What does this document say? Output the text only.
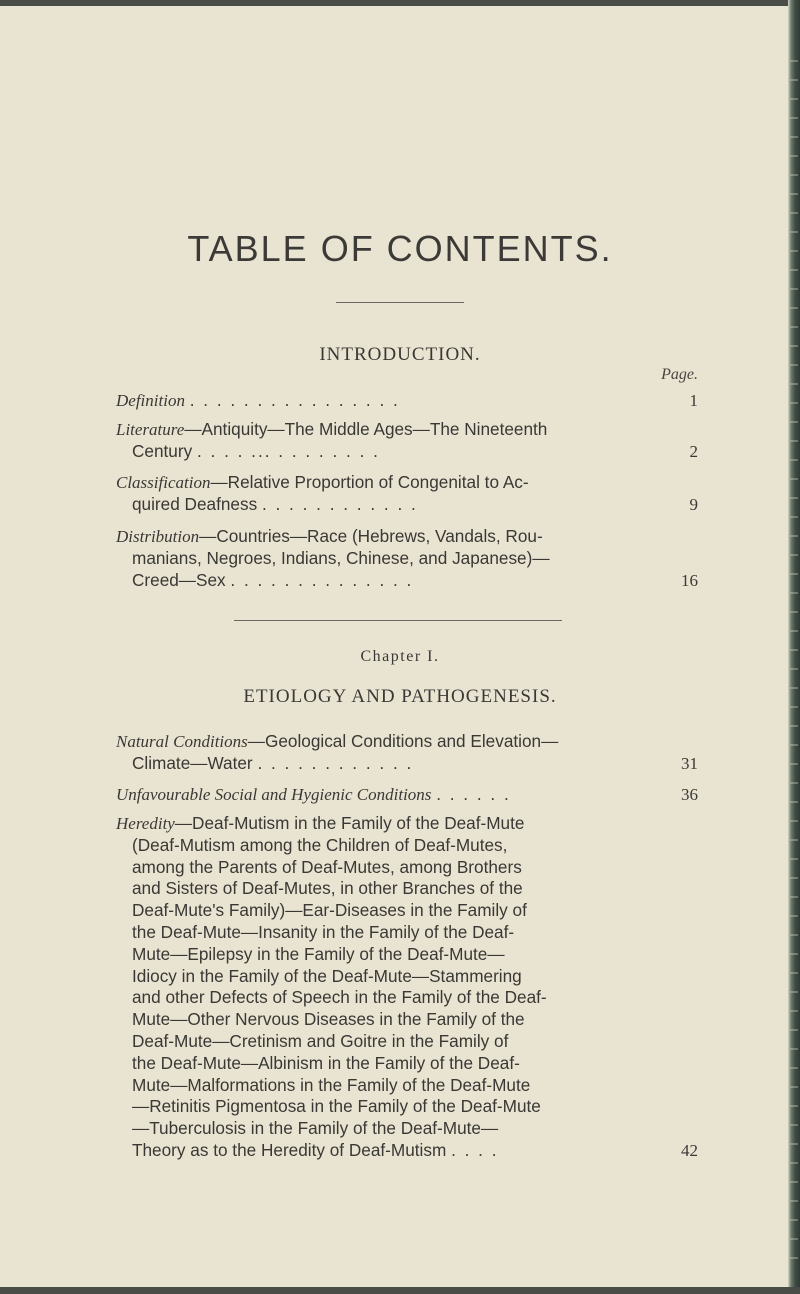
TABLE OF CONTENTS.
INTRODUCTION.
Page.
Definition . . . . . . . . . . . . . . . .	1
Literature—Antiquity—The Middle Ages—The Nineteenth
Century . . . . ... . . . . . . . .	2
Classification—Relative Proportion of Congenital to Ac-
quired Deafness . . . . . . . . . . . .	9
Distribution—Countries—Race (Hebrews, Vandals, Rou-
manians, Negroes, Indians, Chinese, and Japanese)—
Creed—Sex . . . . . . . . . . . . . .	16
Chapter I.
ETIOLOGY AND PATHOGENESIS.
Natural Conditions—Geological Conditions and Elevation—
Climate—Water . . . . . . . . . . . .	31
Unfavourable Social and Hygienic Conditions . . . . . .	36
Heredity—Deaf-Mutism in the Family of the Deaf-Mute
(Deaf-Mutism among the Children of Deaf-Mutes,
among the Parents of Deaf-Mutes, among Brothers
and Sisters of Deaf-Mutes, in other Branches of the
Deaf-Mute's Family)—Ear-Diseases in the Family of
the Deaf-Mute—Insanity in the Family of the Deaf-
Mute—Epilepsy in the Family of the Deaf-Mute—
Idiocy in the Family of the Deaf-Mute—Stammering
and other Defects of Speech in the Family of the Deaf-
Mute—Other Nervous Diseases in the Family of the
Deaf-Mute—Cretinism and Goitre in the Family of
the Deaf-Mute—Albinism in the Family of the Deaf-
Mute—Malformations in the Family of the Deaf-Mute
—Retinitis Pigmentosa in the Family of the Deaf-Mute
—Tuberculosis in the Family of the Deaf-Mute—
Theory as to the Heredity of Deaf-Mutism . . . .	42
